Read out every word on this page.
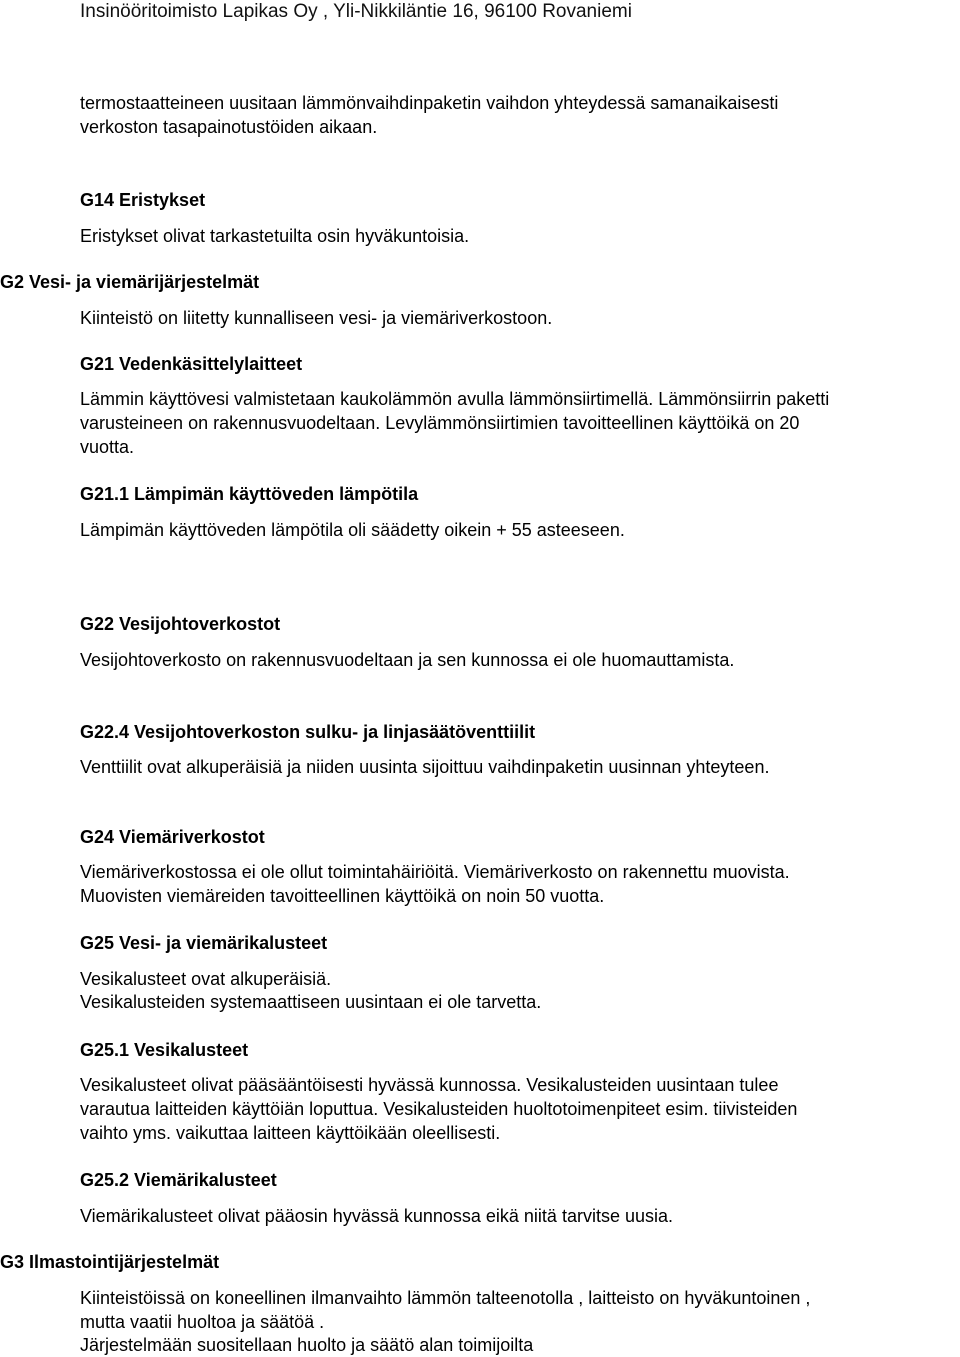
Insinööritoimisto Lapikas Oy , Yli-Nikkiläntie 16, 96100 Rovaniemi
termostaatteineen uusitaan lämmönvaihdinpaketin vaihdon yhteydessä samanaikaisesti
verkoston tasapainotustöiden aikaan.
G14 Eristykset
Eristykset olivat tarkastetuilta osin hyväkuntoisia.
G2 Vesi- ja viemärijärjestelmät
Kiinteistö on liitetty kunnalliseen vesi- ja viemäriverkostoon.
G21 Vedenkäsittelylaitteet
Lämmin käyttövesi valmistetaan kaukolämmön avulla lämmönsiirtimellä. Lämmönsiirrin paketti
varusteineen on rakennusvuodeltaan. Levylämmönsiirtimien tavoitteellinen käyttöikä on 20
vuotta.
G21.1 Lämpimän käyttöveden lämpötila
Lämpimän käyttöveden lämpötila oli säädetty oikein + 55 asteeseen.
G22 Vesijohtoverkostot
Vesijohtoverkosto on rakennusvuodeltaan ja sen kunnossa ei ole huomauttamista.
G22.4 Vesijohtoverkoston sulku- ja linjasäätöventtiilit
Venttiilit ovat alkuperäisiä ja niiden uusinta sijoittuu vaihdinpaketin uusinnan yhteyteen.
G24 Viemäriverkostot
Viemäriverkostossa ei ole ollut toimintahäiriöitä. Viemäriverkosto on rakennettu muovista.
Muovisten viemäreiden tavoitteellinen käyttöikä on noin 50 vuotta.
G25 Vesi- ja viemärikalusteet
Vesikalusteet ovat alkuperäisiä.
Vesikalusteiden systemaattiseen uusintaan ei ole tarvetta.
G25.1 Vesikalusteet
Vesikalusteet olivat pääsääntöisesti hyvässä kunnossa. Vesikalusteiden uusintaan tulee
varautua laitteiden käyttöiän loputtua. Vesikalusteiden huoltotoimenpiteet esim. tiivisteiden
vaihto yms. vaikuttaa laitteen käyttöikään oleellisesti.
G25.2 Viemärikalusteet
Viemärikalusteet olivat pääosin hyvässä kunnossa eikä niitä tarvitse uusia.
G3 Ilmastointijärjestelmät
Kiinteistöissä on koneellinen ilmanvaihto lämmön talteenotolla , laitteisto on hyväkuntoinen ,
mutta vaatii huoltoa ja säätöä .
Järjestelmään suositellaan huolto ja säätö alan toimijoilta
